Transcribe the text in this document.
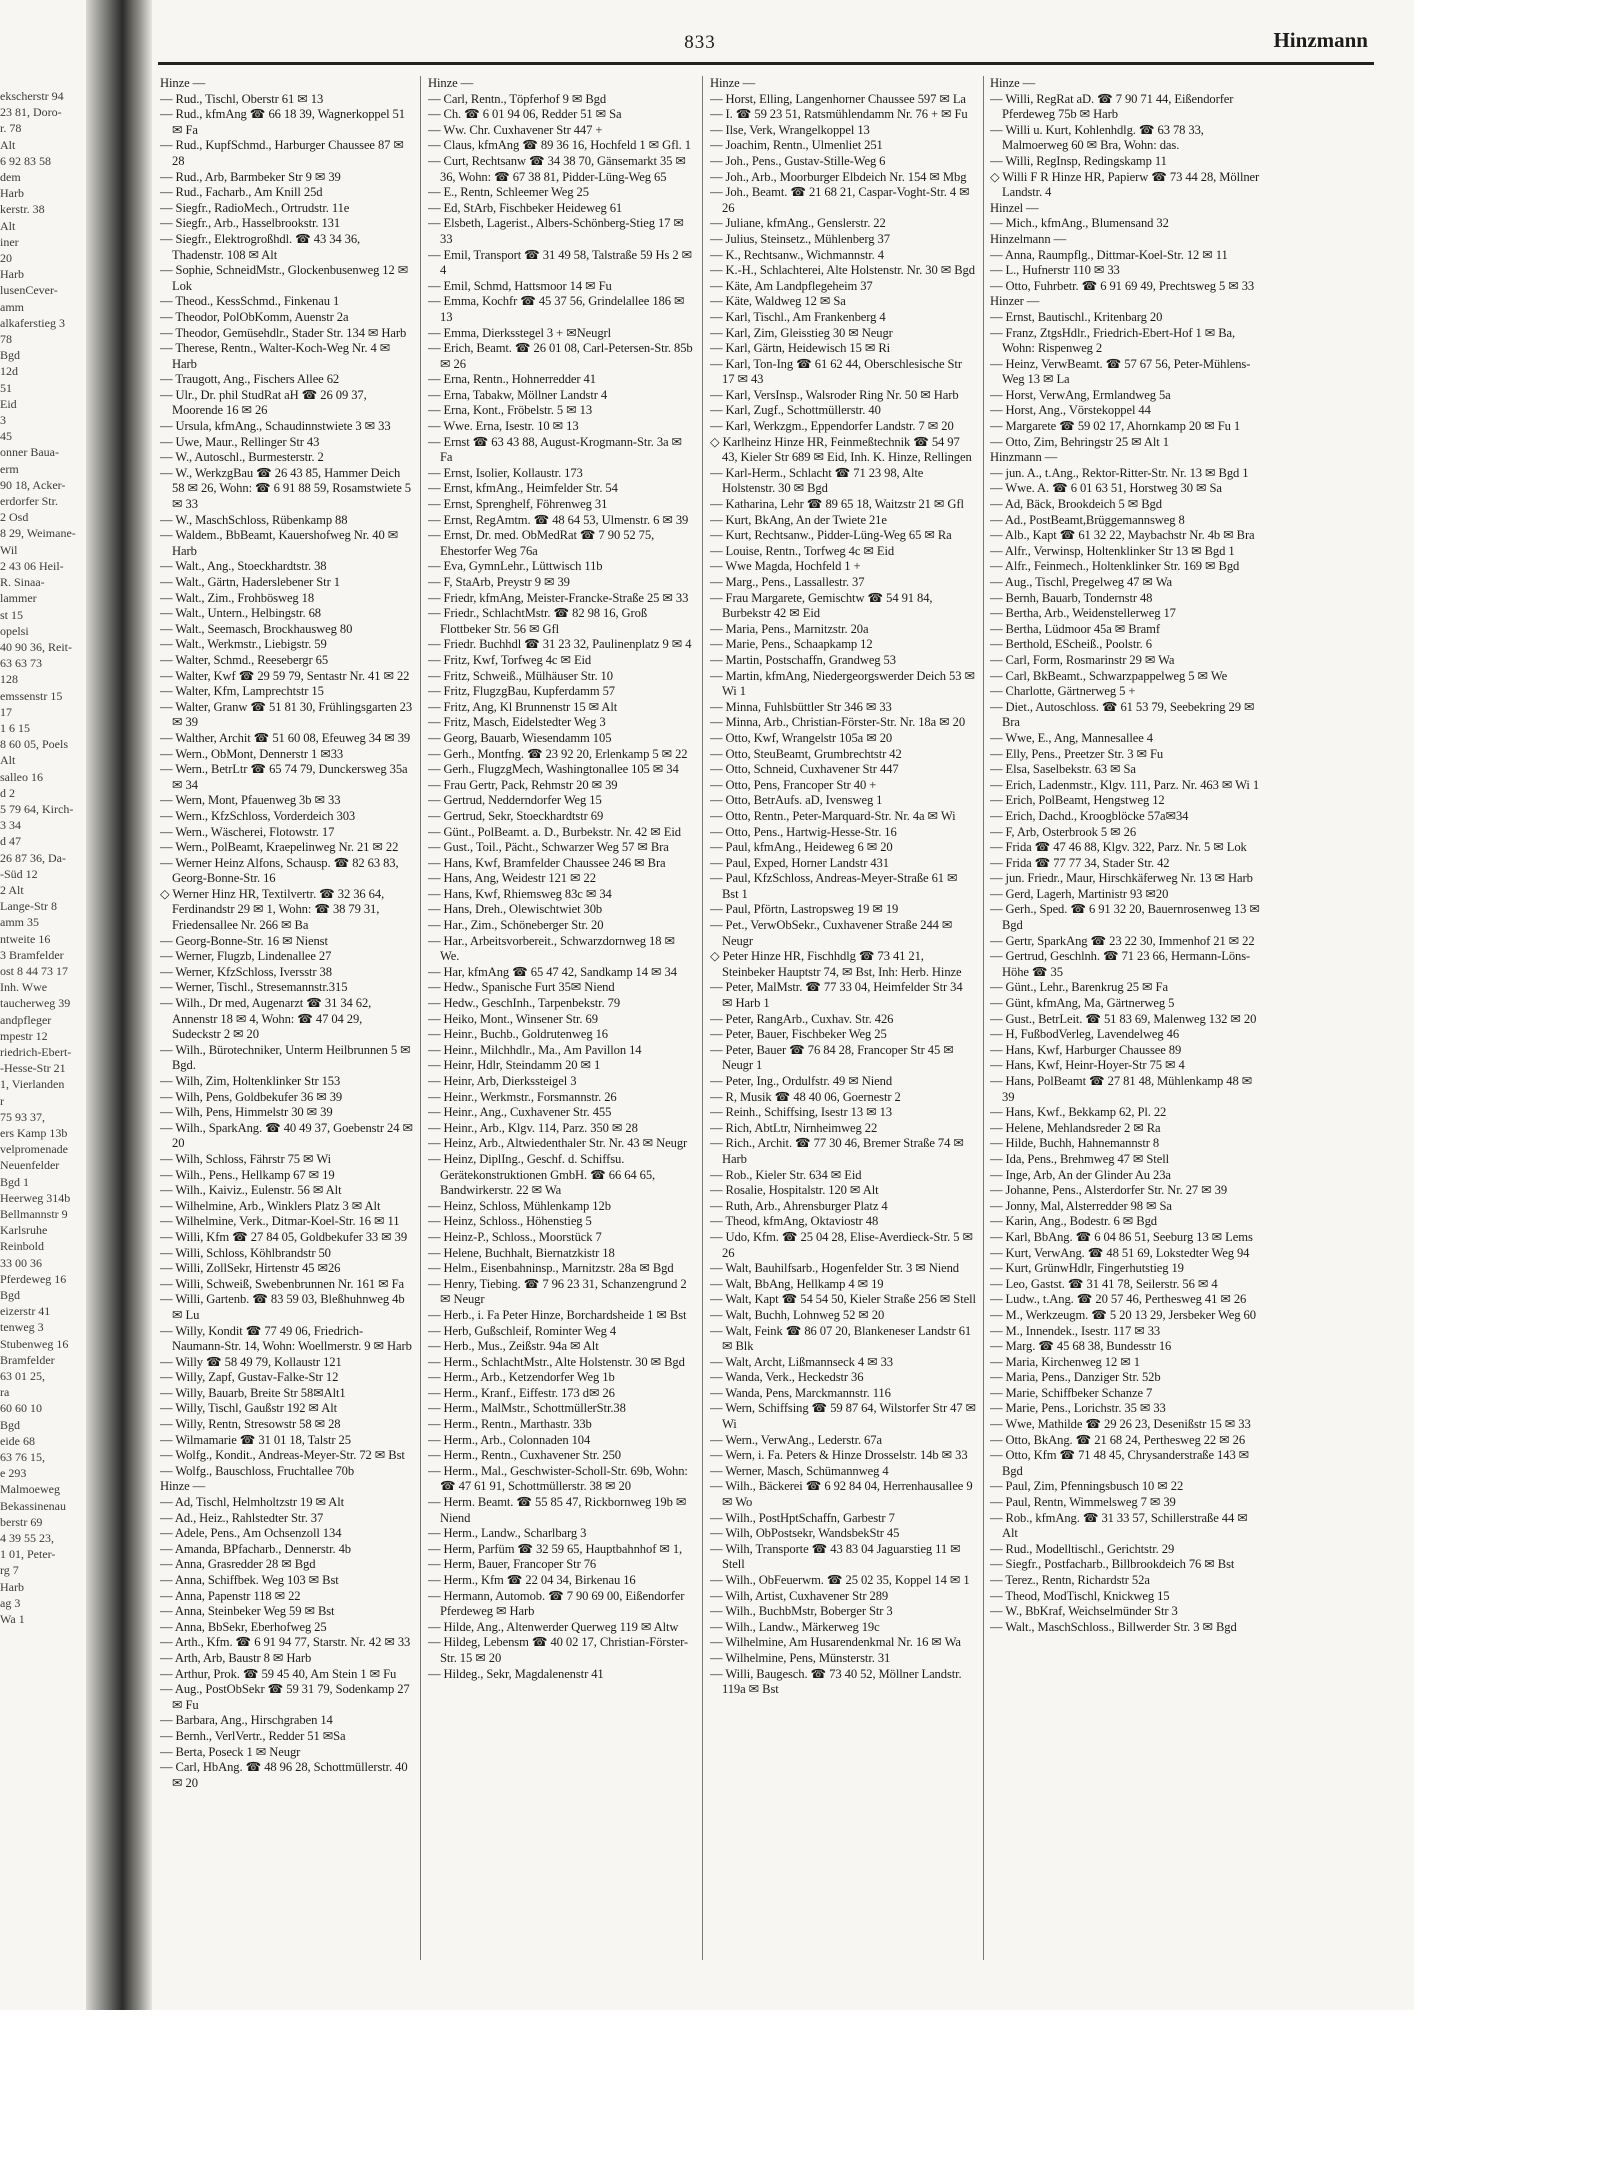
ekscherstr 94
23 81, Doro-
r. 78
Alt
6 92 83 58
dem
Harb
kerstr. 38
Alt
iner
20
Harb
lusenCever-
amm
alkaferstieg 3
78
Bgd
12d
51
Eid
3
45
onner Baua-
erm
90 18, Acker-
erdorfer Str.
2 Osd
8 29, Weimane-
Wil
2 43 06 Heil-
R. Sinaa-
lammer
st 15
opelsi
40 90 36, Reit-
63 63 73
128
emssenstr 15
17
1 6 15
8 60 05, Poels
Alt
salleo 16
d 2
5 79 64, Kirch-
3 34
d 47
26 87 36, Da-
-Süd 12
2 Alt
Lange-Str 8
amm 35
ntweite 16
3 Bramfelder
ost 8 44 73 17
Inh. Wwe
taucherweg 39
andpfleger
mpestr 12
riedrich-Ebert-
-Hesse-Str 21
1, Vierlanden
r
75 93 37,
ers Kamp 13b
velpromenade
Neuenfelder
Bgd 1
Heerweg 314b
Bellmannstr 9
Karlsruhe
Reinbold
33 00 36
Pferdeweg 16
Bgd
eizerstr 41
tenweg 3
Stubenweg 16
Bramfelder
63 01 25,
ra
60 60 10
Bgd
eide 68
63 76 15,
e 293
Malmoeweg
Bekassinenau
berstr 69
4 39 55 23,
1 01, Peter-
rg 7
Harb
ag 3
Wa 1
833	Hinzmann

Hinze —

— Rud., Tischl, Oberstr 61 ✉ 13

— Rud., kfmAng ☎ 66 18 39, Wagnerkoppel 51 ✉ Fa

— Rud., KupfSchmd., Harburger Chaussee 87 ✉ 28

— Rud., Arb, Barmbeker Str 9 ✉ 39

— Rud., Facharb., Am Knill 25d

— Siegfr., RadioMech., Ortrudstr. 11e

— Siegfr., Arb., Hasselbrookstr. 131

— Siegfr., Elektrogroßhdl. ☎ 43 34 36, Thadenstr. 108 ✉ Alt

— Sophie, SchneidMstr., Glockenbusenweg 12 ✉ Lok

— Theod., KessSchmd., Finkenau 1

— Theodor, PolObKomm, Auenstr 2a

— Theodor, Gemüsehdlr., Stader Str. 134 ✉ Harb

— Therese, Rentn., Walter-Koch-Weg Nr. 4 ✉ Harb

— Traugott, Ang., Fischers Allee 62

— Ulr., Dr. phil StudRat aH ☎ 26 09 37, Moorende 16 ✉ 26

— Ursula, kfmAng., Schaudinnstwiete 3 ✉ 33

— Uwe, Maur., Rellinger Str 43

— W., Autoschl., Burmesterstr. 2

— W., WerkzgBau ☎ 26 43 85, Hammer Deich 58 ✉ 26, Wohn: ☎ 6 91 88 59, Rosamstwiete 5 ✉ 33

— W., MaschSchloss, Rübenkamp 88

— Waldem., BbBeamt, Kauershofweg Nr. 40 ✉ Harb

— Walt., Ang., Stoeckhardtstr. 38

— Walt., Gärtn, Haderslebener Str 1

— Walt., Zim., Frohbösweg 18

— Walt., Untern., Helbingstr. 68

— Walt., Seemasch, Brockhausweg 80

— Walt., Werkmstr., Liebigstr. 59

— Walter, Schmd., Reesebergr 65

— Walter, Kwf ☎ 29 59 79, Sentastr Nr. 41 ✉ 22

— Walter, Kfm, Lamprechtstr 15

— Walter, Granw ☎ 51 81 30, Frühlingsgarten 23 ✉ 39

— Walther, Archit ☎ 51 60 08, Efeuweg 34 ✉ 39

— Wern., ObMont, Dennerstr 1 ✉33

— Wern., BetrLtr ☎ 65 74 79, Dunckersweg 35a ✉ 34

— Wern, Mont, Pfauenweg 3b ✉ 33

— Wern., KfzSchloss, Vorderdeich 303

— Wern., Wäscherei, Flotowstr. 17

— Wern., PolBeamt, Kraepelinweg Nr. 21 ✉ 22

— Werner Heinz Alfons, Schausp. ☎ 82 63 83, Georg-Bonne-Str. 16

◇ Werner Hinz HR, Textilvertr. ☎ 32 36 64, Ferdinandstr 29 ✉ 1, Wohn: ☎ 38 79 31, Friedensallee Nr. 266 ✉ Ba

— Georg-Bonne-Str. 16 ✉ Nienst

— Werner, Flugzb, Lindenallee 27

— Werner, KfzSchloss, Iversstr 38

— Werner, Tischl., Stresemannstr.315

— Wilh., Dr med, Augenarzt ☎ 31 34 62, Annenstr 18 ✉ 4, Wohn: ☎ 47 04 29, Sudeckstr 2 ✉ 20

— Wilh., Bürotechniker, Unterm Heilbrunnen 5 ✉ Bgd.

— Wilh, Zim, Holtenklinker Str 153

— Wilh, Pens, Goldbekufer 36 ✉ 39

— Wilh, Pens, Himmelstr 30 ✉ 39

— Wilh., SparkAng. ☎ 40 49 37, Goebenstr 24 ✉ 20

— Wilh, Schloss, Fährstr 75 ✉ Wi

— Wilh., Pens., Hellkamp 67 ✉ 19

— Wilh., Kaiviz., Eulenstr. 56 ✉ Alt

— Wilhelmine, Arb., Winklers Platz 3 ✉ Alt

— Wilhelmine, Verk., Ditmar-Koel-Str. 16 ✉ 11

— Willi, Kfm ☎ 27 84 05, Goldbekufer 33 ✉ 39

— Willi, Schloss, Köhlbrandstr 50

— Willi, ZollSekr, Hirtenstr 45 ✉26

— Willi, Schweiß, Swebenbrunnen Nr. 161 ✉ Fa

— Willi, Gartenb. ☎ 83 59 03, Bleßhuhnweg 4b ✉ Lu

— Willy, Kondit ☎ 77 49 06, Friedrich-Naumann-Str. 14, Wohn: Woellmerstr. 9 ✉ Harb

— Willy ☎ 58 49 79, Kollaustr 121

— Willy, Zapf, Gustav-Falke-Str 12

— Willy, Bauarb, Breite Str 58✉Alt1

— Willy, Tischl, Gaußstr 192 ✉ Alt

— Willy, Rentn, Stresowstr 58 ✉ 28

— Wilmamarie ☎ 31 01 18, Talstr 25

— Wolfg., Kondit., Andreas-Meyer-Str. 72 ✉ Bst

— Wolfg., Bauschloss, Fruchtallee 70b

Hinze —

— Ad, Tischl, Helmholtzstr 19 ✉ Alt

— Ad., Heiz., Rahlstedter Str. 37

— Adele, Pens., Am Ochsenzoll 134

— Amanda, BPfacharb., Dennerstr. 4b

— Anna, Grasredder 28 ✉ Bgd

— Anna, Schiffbek. Weg 103 ✉ Bst

— Anna, Papenstr 118 ✉ 22

— Anna, Steinbeker Weg 59 ✉ Bst

— Anna, BbSekr, Eberhofweg 25

— Arth., Kfm. ☎ 6 91 94 77, Starstr. Nr. 42 ✉ 33

— Arth, Arb, Baustr 8 ✉ Harb

— Arthur, Prok. ☎ 59 45 40, Am Stein 1 ✉ Fu

— Aug., PostObSekr ☎ 59 31 79, Sodenkamp 27 ✉ Fu

— Barbara, Ang., Hirschgraben 14

— Bernh., VerlVertr., Redder 51 ✉Sa

— Berta, Poseck 1 ✉ Neugr

— Carl, HbAng. ☎ 48 96 28, Schottmüllerstr. 40 ✉ 20

Hinze —

— Carl, Rentn., Töpferhof 9 ✉ Bgd

— Ch. ☎ 6 01 94 06, Redder 51 ✉ Sa

— Ww. Chr. Cuxhavener Str 447 +

— Claus, kfmAng ☎ 89 36 16, Hochfeld 1 ✉ Gfl. 1

— Curt, Rechtsanw ☎ 34 38 70, Gänsemarkt 35 ✉ 36, Wohn: ☎ 67 38 81, Pidder-Lüng-Weg 65

— E., Rentn, Schleemer Weg 25

— Ed, StArb, Fischbeker Heideweg 61

— Elsbeth, Lagerist., Albers-Schönberg-Stieg 17 ✉ 33

— Emil, Transport ☎ 31 49 58, Talstraße 59 Hs 2 ✉ 4

— Emil, Schmd, Hattsmoor 14 ✉ Fu

— Emma, Kochfr ☎ 45 37 56, Grindelallee 186 ✉ 13

— Emma, Dierksstegel 3 + ✉Neugrl

— Erich, Beamt. ☎ 26 01 08, Carl-Petersen-Str. 85b ✉ 26

— Erna, Rentn., Hohnerredder 41

— Erna, Tabakw, Möllner Landstr 4

— Erna, Kont., Fröbelstr. 5 ✉ 13

— Wwe. Erna, Isestr. 10 ✉ 13

— Ernst ☎ 63 43 88, August-Krogmann-Str. 3a ✉ Fa

— Ernst, Isolier, Kollaustr. 173

— Ernst, kfmAng., Heimfelder Str. 54

— Ernst, Sprenghelf, Föhrenweg 31

— Ernst, RegAmtm. ☎ 48 64 53, Ulmenstr. 6 ✉ 39

— Ernst, Dr. med. ObMedRat ☎ 7 90 52 75, Ehestorfer Weg 76a

— Eva, GymnLehr., Lüttwisch 11b

— F, StaArb, Preystr 9 ✉ 39

— Friedr, kfmAng, Meister-Francke-Straße 25 ✉ 33

— Friedr., SchlachtMstr. ☎ 82 98 16, Groß Flottbeker Str. 56 ✉ Gfl

— Friedr. Buchhdl ☎ 31 23 32, Paulinenplatz 9 ✉ 4

— Fritz, Kwf, Torfweg 4c ✉ Eid

— Fritz, Schweiß., Mülhäuser Str. 10

— Fritz, FlugzgBau, Kupferdamm 57

— Fritz, Ang, Kl Brunnenstr 15 ✉ Alt

— Fritz, Masch, Eidelstedter Weg 3

— Georg, Bauarb, Wiesendamm 105

— Gerh., Montfng. ☎ 23 92 20, Erlenkamp 5 ✉ 22

— Gerh., FlugzgMech, Washingtonallee 105 ✉ 34

— Frau Gertr, Pack, Rehmstr 20 ✉ 39

— Gertrud, Nedderndorfer Weg 15

— Gertrud, Sekr, Stoeckhardtstr 69

— Günt., PolBeamt. a. D., Burbekstr. Nr. 42 ✉ Eid

— Gust., Toil., Pächt., Schwarzer Weg 57 ✉ Bra

— Hans, Kwf, Bramfelder Chaussee 246 ✉ Bra

— Hans, Ang, Weidestr 121 ✉ 22

— Hans, Kwf, Rhiemsweg 83c ✉ 34

— Hans, Dreh., Olewischtwiet 30b

— Har., Zim., Schöneberger Str. 20

— Har., Arbeitsvorbereit., Schwarzdornweg 18 ✉ We.

— Har, kfmAng ☎ 65 47 42, Sandkamp 14 ✉ 34

— Hedw., Spanische Furt 35✉ Niend

— Hedw., GeschInh., Tarpenbekstr. 79

— Heiko, Mont., Winsener Str. 69

— Heinr., Buchb., Goldrutenweg 16

— Heinr., Milchhdlr., Ma., Am Pavillon 14

— Heinr, Hdlr, Steindamm 20 ✉ 1

— Heinr, Arb, Dierkssteigel 3

— Heinr., Werkmstr., Forsmannstr. 26

— Heinr., Ang., Cuxhavener Str. 455

— Heinr., Arb., Klgv. 114, Parz. 350 ✉ 28

— Heinz, Arb., Altwiedenthaler Str. Nr. 43 ✉ Neugr

— Heinz, DiplIng., Geschf. d. Schiffsu. Gerätekonstruktionen GmbH. ☎ 66 64 65, Bandwirkerstr. 22 ✉ Wa

— Heinz, Schloss, Mühlenkamp 12b

— Heinz, Schloss., Höhenstieg 5

— Heinz-P., Schloss., Moorstück 7

— Helene, Buchhalt, Biernatzkistr 18

— Helm., Eisenbahninsp., Marnitzstr. 28a ✉ Bgd

— Henry, Tiebing. ☎ 7 96 23 31, Schanzengrund 2 ✉ Neugr

— Herb., i. Fa Peter Hinze, Borchardsheide 1 ✉ Bst

— Herb, Gußschleif, Rominter Weg 4

— Herb., Mus., Zeißstr. 94a ✉ Alt

— Herm., SchlachtMstr., Alte Holstenstr. 30 ✉ Bgd

— Herm., Arb., Ketzendorfer Weg 1b

— Herm., Kranf., Eiffestr. 173 d✉ 26

— Herm., MalMstr., SchottmüllerStr.38

— Herm., Rentn., Marthastr. 33b

— Herm., Arb., Colonnaden 104

— Herm., Rentn., Cuxhavener Str. 250

— Herm., Mal., Geschwister-Scholl-Str. 69b, Wohn: ☎ 47 61 91, Schottmüllerstr. 38 ✉ 20

— Herm. Beamt. ☎ 55 85 47, Rickbornweg 19b ✉ Niend

— Herm., Landw., Scharlbarg 3

— Herm, Parfüm ☎ 32 59 65, Hauptbahnhof ✉ 1,

— Herm, Bauer, Francoper Str 76

— Herm., Kfm ☎ 22 04 34, Birkenau 16

— Hermann, Automob. ☎ 7 90 69 00, Eißendorfer Pferdeweg ✉ Harb

— Hilde, Ang., Altenwerder Querweg 119 ✉ Altw

— Hildeg, Lebensm ☎ 40 02 17, Christian-Förster-Str. 15 ✉ 20

— Hildeg., Sekr, Magdalenenstr 41

Hinze —

— Horst, Elling, Langenhorner Chaussee 597 ✉ La

— I. ☎ 59 23 51, Ratsmühlendamm Nr. 76 + ✉ Fu

— Ilse, Verk, Wrangelkoppel 13

— Joachim, Rentn., Ulmenliet 251

— Joh., Pens., Gustav-Stille-Weg 6

— Joh., Arb., Moorburger Elbdeich Nr. 154 ✉ Mbg

— Joh., Beamt. ☎ 21 68 21, Caspar-Voght-Str. 4 ✉ 26

— Juliane, kfmAng., Genslerstr. 22

— Julius, Steinsetz., Mühlenberg 37

— K., Rechtsanw., Wichmannstr. 4

— K.-H., Schlachterei, Alte Holstenstr. Nr. 30 ✉ Bgd

— Käte, Am Landpflegeheim 37

— Käte, Waldweg 12 ✉ Sa

— Karl, Tischl., Am Frankenberg 4

— Karl, Zim, Gleisstieg 30 ✉ Neugr

— Karl, Gärtn, Heidewisch 15 ✉ Ri

— Karl, Ton-Ing ☎ 61 62 44, Oberschlesische Str 17 ✉ 43

— Karl, VersInsp., Walsroder Ring Nr. 50 ✉ Harb

— Karl, Zugf., Schottmüllerstr. 40

— Karl, Werkzgm., Eppendorfer Landstr. 7 ✉ 20

◇ Karlheinz Hinze HR, Feinmeßtechnik ☎ 54 97 43, Kieler Str 689 ✉ Eid, Inh. K. Hinze, Rellingen

— Karl-Herm., Schlacht ☎ 71 23 98, Alte Holstenstr. 30 ✉ Bgd

— Katharina, Lehr ☎ 89 65 18, Waitzstr 21 ✉ Gfl

— Kurt, BkAng, An der Twiete 21e

— Kurt, Rechtsanw., Pidder-Lüng-Weg 65 ✉ Ra

— Louise, Rentn., Torfweg 4c ✉ Eid

— Wwe Magda, Hochfeld 1 +

— Marg., Pens., Lassallestr. 37

— Frau Margarete, Gemischtw ☎ 54 91 84, Burbekstr 42 ✉ Eid

— Maria, Pens., Marnitzstr. 20a

— Marie, Pens., Schaapkamp 12

— Martin, Postschaffn, Grandweg 53

— Martin, kfmAng, Niedergeorgswerder Deich 53 ✉ Wi 1

— Minna, Fuhlsbüttler Str 346 ✉ 33

— Minna, Arb., Christian-Förster-Str. Nr. 18a ✉ 20

— Otto, Kwf, Wrangelstr 105a ✉ 20

— Otto, SteuBeamt, Grumbrechtstr 42

— Otto, Schneid, Cuxhavener Str 447

— Otto, Pens, Francoper Str 40 +

— Otto, BetrAufs. aD, Ivensweg 1

— Otto, Rentn., Peter-Marquard-Str. Nr. 4a ✉ Wi

— Otto, Pens., Hartwig-Hesse-Str. 16

— Paul, kfmAng., Heideweg 6 ✉ 20

— Paul, Exped, Horner Landstr 431

— Paul, KfzSchloss, Andreas-Meyer-Straße 61 ✉ Bst 1

— Paul, Pförtn, Lastropsweg 19 ✉ 19

— Pet., VerwObSekr., Cuxhavener Straße 244 ✉ Neugr

◇ Peter Hinze HR, Fischhdlg ☎ 73 41 21, Steinbeker Hauptstr 74, ✉ Bst, Inh: Herb. Hinze

— Peter, MalMstr. ☎ 77 33 04, Heimfelder Str 34 ✉ Harb 1

— Peter, RangArb., Cuxhav. Str. 426

— Peter, Bauer, Fischbeker Weg 25

— Peter, Bauer ☎ 76 84 28, Francoper Str 45 ✉ Neugr 1

— Peter, Ing., Ordulfstr. 49 ✉ Niend

— R, Musik ☎ 48 40 06, Goernestr 2

— Reinh., Schiffsing, Isestr 13 ✉ 13

— Rich, AbtLtr, Nirnheimweg 22

— Rich., Archit. ☎ 77 30 46, Bremer Straße 74 ✉ Harb

— Rob., Kieler Str. 634 ✉ Eid

— Rosalie, Hospitalstr. 120 ✉ Alt

— Ruth, Arb., Ahrensburger Platz 4

— Theod, kfmAng, Oktaviostr 48

— Udo, Kfm. ☎ 25 04 28, Elise-Averdieck-Str. 5 ✉ 26

— Walt, Bauhilfsarb., Hogenfelder Str. 3 ✉ Niend

— Walt, BbAng, Hellkamp 4 ✉ 19

— Walt, Kapt ☎ 54 54 50, Kieler Straße 256 ✉ Stell

— Walt, Buchh, Lohnweg 52 ✉ 20

— Walt, Feink ☎ 86 07 20, Blankeneser Landstr 61 ✉ Blk

— Walt, Archt, Lißmannseck 4 ✉ 33

— Wanda, Verk., Heckedstr 36

— Wanda, Pens, Marckmannstr. 116

— Wern, Schiffsing ☎ 59 87 64, Wilstorfer Str 47 ✉ Wi

— Wern., VerwAng., Lederstr. 67a

— Wern, i. Fa. Peters & Hinze Drosselstr. 14b ✉ 33

— Werner, Masch, Schümannweg 4

— Wilh., Bäckerei ☎ 6 92 84 04, Herrenhausallee 9 ✉ Wo

— Wilh., PostHptSchaffn, Garbestr 7

— Wilh, ObPostsekr, WandsbekStr 45

— Wilh, Transporte ☎ 43 83 04 Jaguarstieg 11 ✉ Stell

— Wilh., ObFeuerwm. ☎ 25 02 35, Koppel 14 ✉ 1

— Wilh, Artist, Cuxhavener Str 289

— Wilh., BuchbMstr, Boberger Str 3

— Wilh., Landw., Märkerweg 19c

— Wilhelmine, Am Husarendenkmal Nr. 16 ✉ Wa

— Wilhelmine, Pens, Münsterstr. 31

— Willi, Baugesch. ☎ 73 40 52, Möllner Landstr. 119a ✉ Bst

Hinze —

— Willi, RegRat aD. ☎ 7 90 71 44, Eißendorfer Pferdeweg 75b ✉ Harb

— Willi u. Kurt, Kohlenhdlg. ☎ 63 78 33, Malmoerweg 60 ✉ Bra, Wohn: das.

— Willi, RegInsp, Redingskamp 11

◇ Willi F R Hinze HR, Papierw ☎ 73 44 28, Möllner Landstr. 4

Hinzel —

— Mich., kfmAng., Blumensand 32

Hinzelmann —

— Anna, Raumpflg., Dittmar-Koel-Str. 12 ✉ 11

— L., Hufnerstr 110 ✉ 33

— Otto, Fuhrbetr. ☎ 6 91 69 49, Prechtsweg 5 ✉ 33

Hinzer —

— Ernst, Bautischl., Kritenbarg 20

— Franz, ZtgsHdlr., Friedrich-Ebert-Hof 1 ✉ Ba, Wohn: Rispenweg 2

— Heinz, VerwBeamt. ☎ 57 67 56, Peter-Mühlens-Weg 13 ✉ La

— Horst, VerwAng, Ermlandweg 5a

— Horst, Ang., Vörstekoppel 44

— Margarete ☎ 59 02 17, Ahornkamp 20 ✉ Fu 1

— Otto, Zim, Behringstr 25 ✉ Alt 1

Hinzmann —

— jun. A., t.Ang., Rektor-Ritter-Str. Nr. 13 ✉ Bgd 1

— Wwe. A. ☎ 6 01 63 51, Horstweg 30 ✉ Sa

— Ad, Bäck, Brookdeich 5 ✉ Bgd

— Ad., PostBeamt,Brüggemannsweg 8

— Alb., Kapt ☎ 61 32 22, Maybachstr Nr. 4b ✉ Bra

— Alfr., Verwinsp, Holtenklinker Str 13 ✉ Bgd 1

— Alfr., Feinmech., Holtenklinker Str. 169 ✉ Bgd

— Aug., Tischl, Pregelweg 47 ✉ Wa

— Bernh, Bauarb, Tondernstr 48

— Bertha, Arb., Weidenstellerweg 17

— Bertha, Lüdmoor 45a ✉ Bramf

— Berthold, EScheiß., Poolstr. 6

— Carl, Form, Rosmarinstr 29 ✉ Wa

— Carl, BkBeamt., Schwarzpappelweg 5 ✉ We

— Charlotte, Gärtnerweg 5 +

— Diet., Autoschloss. ☎ 61 53 79, Seebekring 29 ✉ Bra

— Wwe, E., Ang, Mannesallee 4

— Elly, Pens., Preetzer Str. 3 ✉ Fu

— Elsa, Saselbekstr. 63 ✉ Sa

— Erich, Ladenmstr., Klgv. 111, Parz. Nr. 463 ✉ Wi 1

— Erich, PolBeamt, Hengstweg 12

— Erich, Dachd., Kroogblöcke 57a✉34

— F, Arb, Osterbrook 5 ✉ 26

— Frida ☎ 47 46 88, Klgv. 322, Parz. Nr. 5 ✉ Lok

— Frida ☎ 77 77 34, Stader Str. 42

— jun. Friedr., Maur, Hirschkäferweg Nr. 13 ✉ Harb

— Gerd, Lagerh, Martinistr 93 ✉20

— Gerh., Sped. ☎ 6 91 32 20, Bauernrosenweg 13 ✉ Bgd

— Gertr, SparkAng ☎ 23 22 30, Immenhof 21 ✉ 22

— Gertrud, Geschlnh. ☎ 71 23 66, Hermann-Löns-Höhe ☎ 35

— Günt., Lehr., Barenkrug 25 ✉ Fa

— Günt, kfmAng, Ma, Gärtnerweg 5

— Gust., BetrLeit. ☎ 51 83 69, Malenweg 132 ✉ 20

— H, FußbodVerleg, Lavendelweg 46

— Hans, Kwf, Harburger Chaussee 89

— Hans, Kwf, Heinr-Hoyer-Str 75 ✉ 4

— Hans, PolBeamt ☎ 27 81 48, Mühlenkamp 48 ✉ 39

— Hans, Kwf., Bekkamp 62, Pl. 22

— Helene, Mehlandsreder 2 ✉ Ra

— Hilde, Buchh, Hahnemannstr 8

— Ida, Pens., Brehmweg 47 ✉ Stell

— Inge, Arb, An der Glinder Au 23a

— Johanne, Pens., Alsterdorfer Str. Nr. 27 ✉ 39

— Jonny, Mal, Alsterredder 98 ✉ Sa

— Karin, Ang., Bodestr. 6 ✉ Bgd

— Karl, BbAng. ☎ 6 04 86 51, Seeburg 13 ✉ Lems

— Kurt, VerwAng. ☎ 48 51 69, Lokstedter Weg 94

— Kurt, GrünwHdlr, Fingerhutstieg 19

— Leo, Gastst. ☎ 31 41 78, Seilerstr. 56 ✉ 4

— Ludw., t.Ang. ☎ 20 57 46, Perthesweg 41 ✉ 26

— M., Werkzeugm. ☎ 5 20 13 29, Jersbeker Weg 60

— M., Innendek., Isestr. 117 ✉ 33

— Marg. ☎ 45 68 38, Bundesstr 16

— Maria, Kirchenweg 12 ✉ 1

— Maria, Pens., Danziger Str. 52b

— Marie, Schiffbeker Schanze 7

— Marie, Pens., Lorichstr. 35 ✉ 33

— Wwe, Mathilde ☎ 29 26 23, Desenißstr 15 ✉ 33

— Otto, BkAng. ☎ 21 68 24, Perthesweg 22 ✉ 26

— Otto, Kfm ☎ 71 48 45, Chrysanderstraße 143 ✉ Bgd

— Paul, Zim, Pfenningsbusch 10 ✉ 22

— Paul, Rentn, Wimmelsweg 7 ✉ 39

— Rob., kfmAng. ☎ 31 33 57, Schillerstraße 44 ✉ Alt

— Rud., Modelltischl., Gerichtstr. 29

— Siegfr., Postfacharb., Billbrookdeich 76 ✉ Bst

— Terez., Rentn, Richardstr 52a

— Theod, ModTischl, Knickweg 15

— W., BbKraf, Weichselmünder Str 3

— Walt., MaschSchloss., Billwerder Str. 3 ✉ Bgd
